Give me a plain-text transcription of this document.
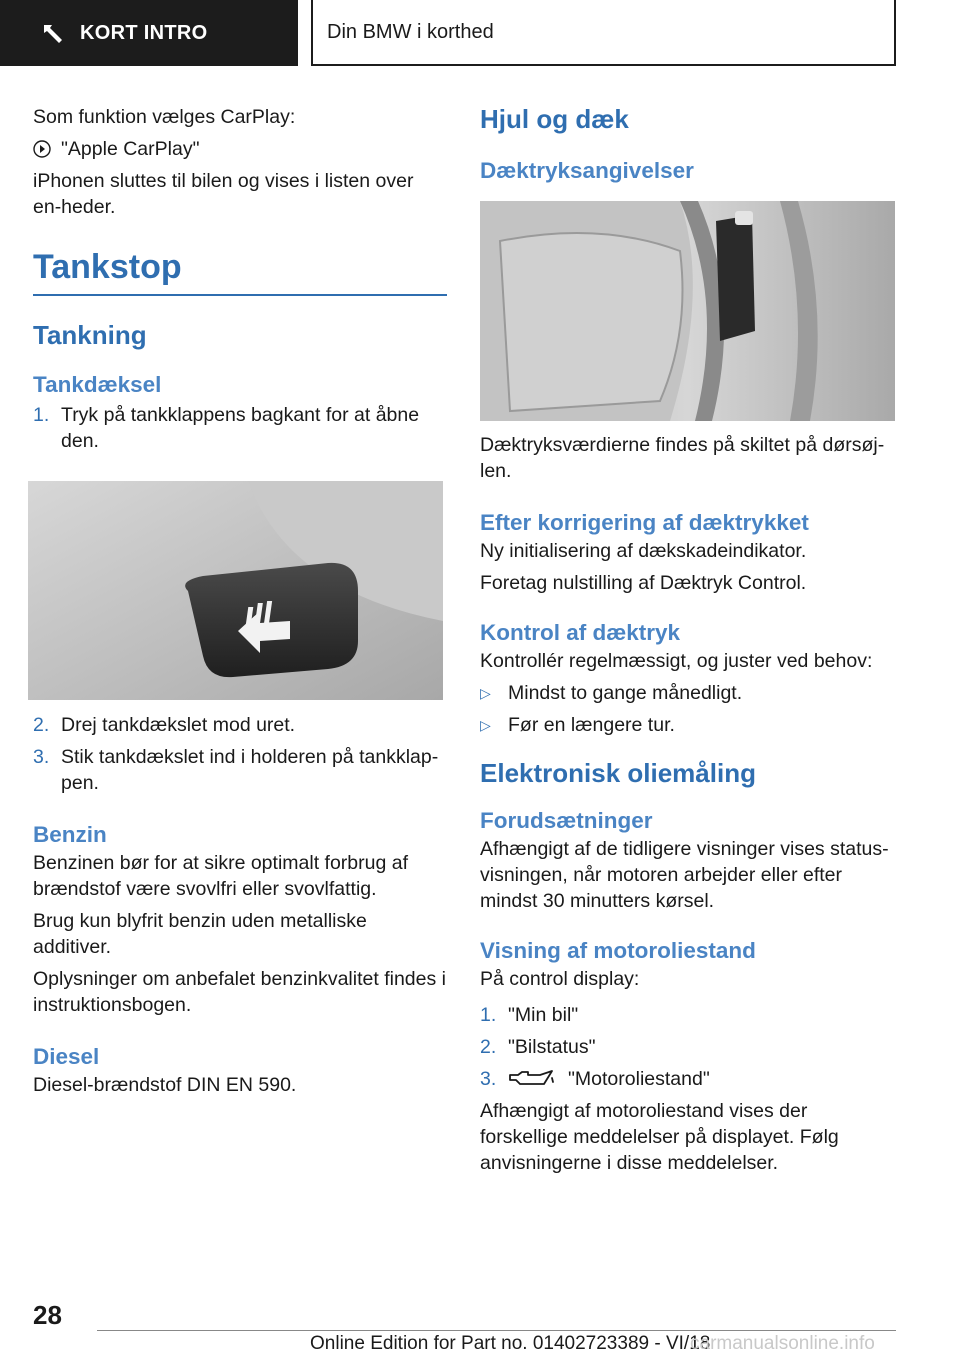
KORT INTRO	Din BMW i korthed

Som funktion vælges CarPlay:

"Apple CarPlay"

iPhonen sluttes til bilen og vises i listen over en-heder.

Tankstop
Tankning
Tankdæksel
1. Tryk på tankklappens bagkant for at åbne den.
2. Drej tankdækslet mod uret.
3. Stik tankdækslet ind i holderen på tankklap-pen.
Benzin

Benzinen bør for at sikre optimalt forbrug af brændstof være svovlfri eller svovlfattig.

Brug kun blyfrit benzin uden metalliske additiver.

Oplysninger om anbefalet benzinkvalitet findes i instruktionsbogen.

Diesel

Diesel-brændstof DIN EN 590.

Hjul og dæk
Dæktryksangivelser

Dæktryksværdierne findes på skiltet på dørsøj-len.

Efter korrigering af dæktrykket

Ny initialisering af dækskadeindikator.

Foretag nulstilling af Dæktryk Control.

Kontrol af dæktryk

Kontrollér regelmæssigt, og juster ved behov:

▷ Mindst to gange månedligt.
▷ Før en længere tur.
Elektronisk oliemåling
Forudsætninger

Afhængigt af de tidligere visninger vises status-visningen, når motoren arbejder eller efter mindst 30 minutters kørsel.

Visning af motoroliestand

På control display:

1. "Min bil"
2. "Bilstatus"
3.	"Motoroliestand"

Afhængigt af motoroliestand vises der forskellige meddelelser på displayet. Følg anvisningerne i disse meddelelser.

28
Online Edition for Part no. 01402723389 - VI/18
carmanualsonline.info
